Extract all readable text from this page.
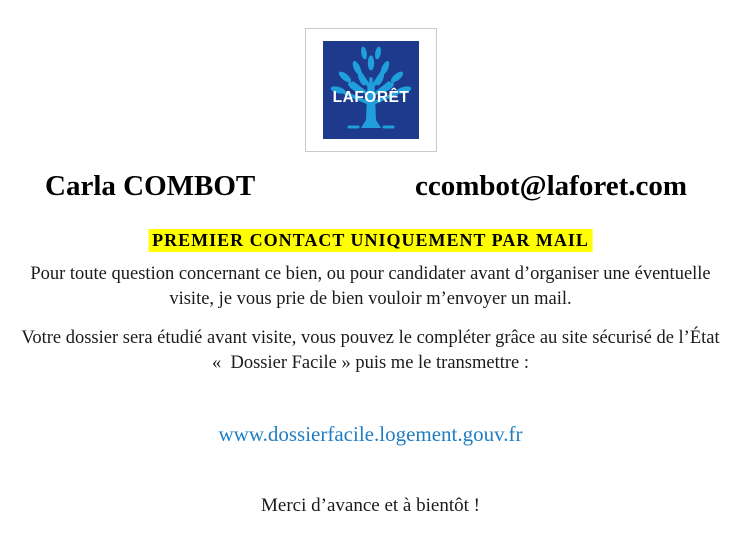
LAFORÊT
Carla COMBOT	ccombot@laforet.com
PREMIER CONTACT UNIQUEMENT PAR MAIL
Pour toute question concernant ce bien, ou pour candidater avant d’organiser une éventuelle
visite, je vous prie de bien vouloir m’envoyer un mail.
Votre dossier sera étudié avant visite, vous pouvez le compléter grâce au site sécurisé de l’État
«  Dossier Facile » puis me le transmettre :
www.dossierfacile.logement.gouv.fr
Merci d’avance et à bientôt !
